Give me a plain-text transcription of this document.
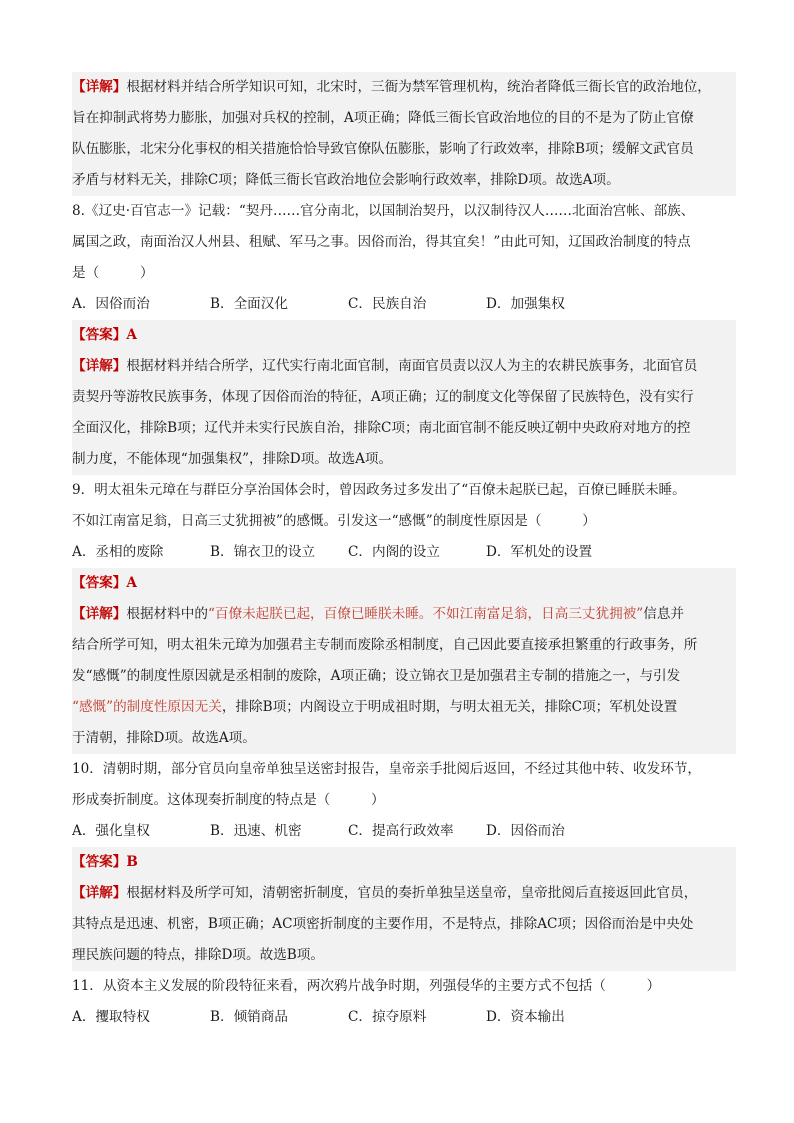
【详解】根据材料并结合所学知识可知，北宋时，三衙为禁军管理机构，统治者降低三衙长官的政治地位，
旨在抑制武将势力膨胀，加强对兵权的控制，A项正确；降低三衙长官政治地位的目的不是为了防止官僚
队伍膨胀，北宋分化事权的相关措施恰恰导致官僚队伍膨胀，影响了行政效率，排除B项；缓解文武官员
矛盾与材料无关，排除C项；降低三衙长官政治地位会影响行政效率，排除D项。故选A项。
8.《辽史·百官志一》记载：“契丹……官分南北，以国制治契丹，以汉制待汉人……北面治宫帐、部族、
属国之政，南面治汉人州县、租赋、军马之事。因俗而治，得其宜矣！”由此可知，辽国政治制度的特点
是（　　　）
A．因俗而治	B．全面汉化	C．民族自治	D．加强集权
【答案】A
【详解】根据材料并结合所学，辽代实行南北面官制，南面官员责以汉人为主的农耕民族事务，北面官员
责契丹等游牧民族事务，体现了因俗而治的特征，A项正确；辽的制度文化等保留了民族特色，没有实行
全面汉化，排除B项；辽代并未实行民族自治，排除C项；南北面官制不能反映辽朝中央政府对地方的控
制力度，不能体现“加强集权”，排除D项。故选A项。
9．明太祖朱元璋在与群臣分享治国体会时，曾因政务过多发出了“百僚未起朕已起，百僚已睡朕未睡。
不如江南富足翁，日高三丈犹拥被”的感慨。引发这一“感慨”的制度性原因是（　　　）
A．丞相的废除	B．锦衣卫的设立	C．内阁的设立	D．军机处的设置
【答案】A
【详解】根据材料中的“百僚未起朕已起，百僚已睡朕未睡。不如江南富足翁，日高三丈犹拥被”信息并
结合所学可知，明太祖朱元璋为加强君主专制而废除丞相制度，自己因此要直接承担繁重的行政事务，所
发“感慨”的制度性原因就是丞相制的废除，A项正确；设立锦衣卫是加强君主专制的措施之一，与引发
“感慨”的制度性原因无关，排除B项；内阁设立于明成祖时期，与明太祖无关，排除C项；军机处设置
于清朝，排除D项。故选A项。
10．清朝时期，部分官员向皇帝单独呈送密封报告，皇帝亲手批阅后返回，不经过其他中转、收发环节，
形成奏折制度。这体现奏折制度的特点是（　　　）
A．强化皇权	B．迅速、机密	C．提高行政效率	D．因俗而治
【答案】B
【详解】根据材料及所学可知，清朝密折制度，官员的奏折单独呈送皇帝，皇帝批阅后直接返回此官员，
其特点是迅速、机密，B项正确；AC项密折制度的主要作用，不是特点，排除AC项；因俗而治是中央处
理民族问题的特点，排除D项。故选B项。
11．从资本主义发展的阶段特征来看，两次鸦片战争时期，列强侵华的主要方式不包括（　　　）
A．攫取特权	B．倾销商品	C．掠夺原料	D．资本输出
